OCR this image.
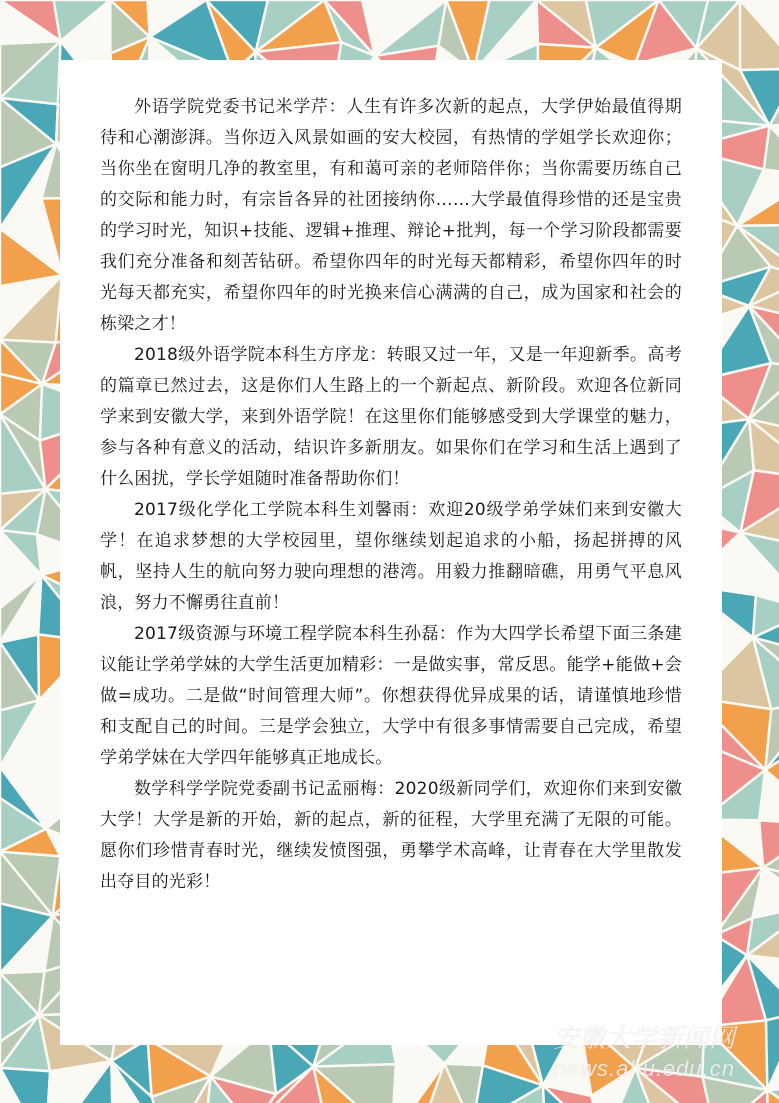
外语学院党委书记米学芹：人生有许多次新的起点，大学伊始最值得期待和心潮澎湃。当你迈入风景如画的安大校园，有热情的学姐学长欢迎你；当你坐在窗明几净的教室里，有和蔼可亲的老师陪伴你；当你需要历练自己的交际和能力时，有宗旨各异的社团接纳你……大学最值得珍惜的还是宝贵的学习时光，知识+技能、逻辑+推理、辩论+批判，每一个学习阶段都需要我们充分准备和刻苦钻研。希望你四年的时光每天都精彩，希望你四年的时光每天都充实，希望你四年的时光换来信心满满的自己，成为国家和社会的栋梁之才！

2018级外语学院本科生方序龙：转眼又过一年，又是一年迎新季。高考的篇章已然过去，这是你们人生路上的一个新起点、新阶段。欢迎各位新同学来到安徽大学，来到外语学院！在这里你们能够感受到大学课堂的魅力，参与各种有意义的活动，结识许多新朋友。如果你们在学习和生活上遇到了什么困扰，学长学姐随时准备帮助你们！

2017级化学化工学院本科生刘馨雨：欢迎20级学弟学妹们来到安徽大学！在追求梦想的大学校园里，望你继续划起追求的小船，扬起拼搏的风帆，坚持人生的航向努力驶向理想的港湾。用毅力推翻暗礁，用勇气平息风浪，努力不懈勇往直前！

2017级资源与环境工程学院本科生孙磊：作为大四学长希望下面三条建议能让学弟学妹的大学生活更加精彩：一是做实事，常反思。能学+能做+会做=成功。二是做“时间管理大师”。你想获得优异成果的话，请谨慎地珍惜和支配自己的时间。三是学会独立，大学中有很多事情需要自己完成，希望学弟学妹在大学四年能够真正地成长。

数学科学学院党委副书记孟丽梅：2020级新同学们，欢迎你们来到安徽大学！大学是新的开始，新的起点，新的征程，大学里充满了无限的可能。愿你们珍惜青春时光，继续发愤图强，勇攀学术高峰，让青春在大学里散发出夺目的光彩！

安徽大学新闻网
news.ahu.edu.cn
